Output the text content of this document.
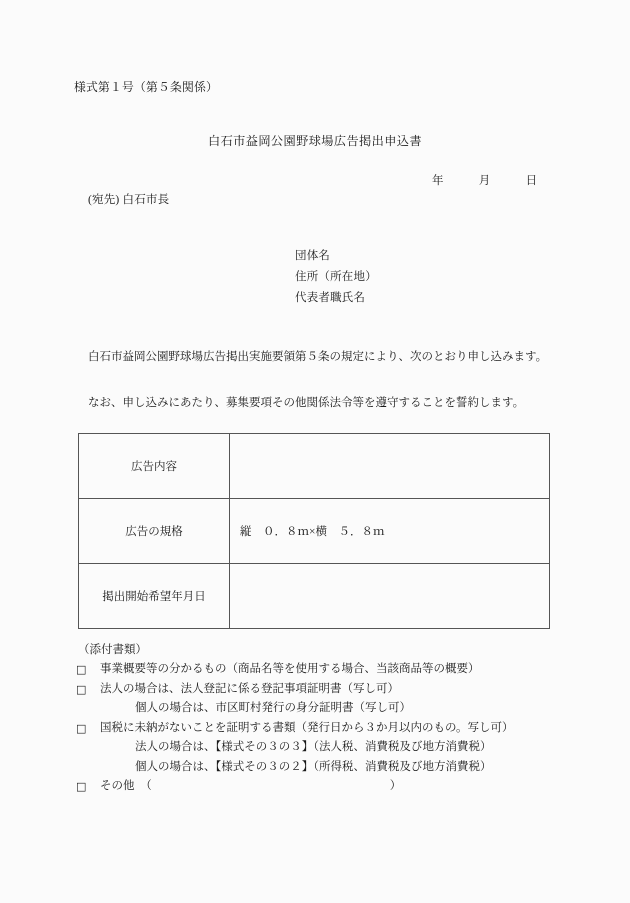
様式第１号（第５条関係）
白石市益岡公園野球場広告掲出申込書
年　　　月　　　日
(宛先) 白石市長
団体名
住所（所在地）
代表者職氏名
白石市益岡公園野球場広告掲出実施要領第５条の規定により、次のとおり申し込みます。
なお、申し込みにあたり、募集要項その他関係法令等を遵守することを誓約します。
広告内容	
広告の規格	縦　０．８ｍ×横　５．８ｍ
掲出開始希望年月日	
（添付書類）
□	事業概要等の分かるもの（商品名等を使用する場合、当該商品等の概要）
□	法人の場合は、法人登記に係る登記事項証明書（写し可）
個人の場合は、市区町村発行の身分証明書（写し可）
□	国税に未納がないことを証明する書類（発行日から３か月以内のもの。写し可）
法人の場合は、【様式その３の３】（法人税、消費税及び地方消費税）
個人の場合は、【様式その３の２】（所得税、消費税及び地方消費税）
□	その他　（	）
